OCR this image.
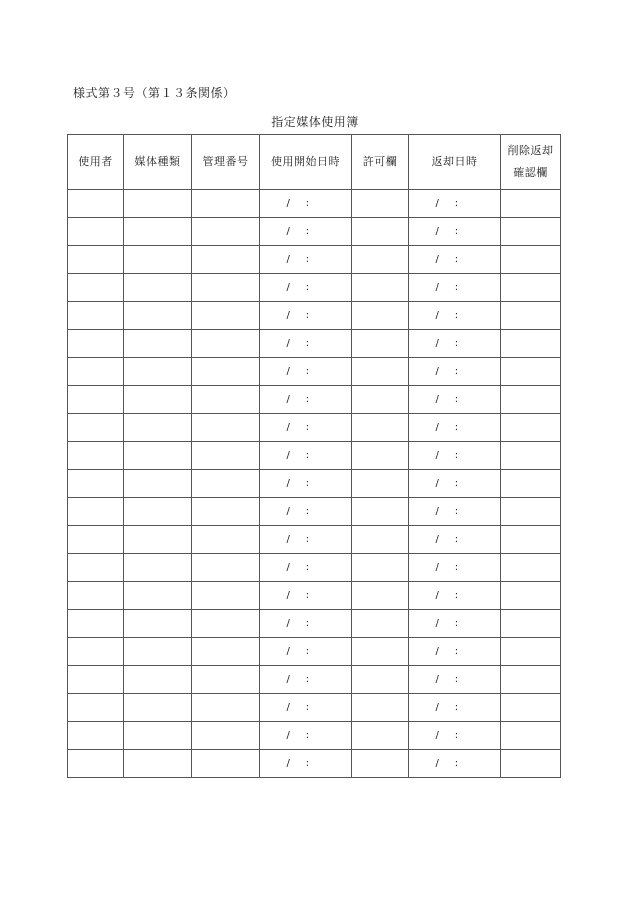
様式第３号（第１３条関係）
指定媒体使用簿
使用者	媒体種類	管理番号	使用開始日時	許可欄	返却日時	削除返却
確認欄

			/     :		/     :	
			/     :		/     :	
			/     :		/     :	
			/     :		/     :	
			/     :		/     :	
			/     :		/     :	
			/     :		/     :	
			/     :		/     :	
			/     :		/     :	
			/     :		/     :	
			/     :		/     :	
			/     :		/     :	
			/     :		/     :	
			/     :		/     :	
			/     :		/     :	
			/     :		/     :	
			/     :		/     :	
			/     :		/     :	
			/     :		/     :	
			/     :		/     :	
			/     :		/     :	
